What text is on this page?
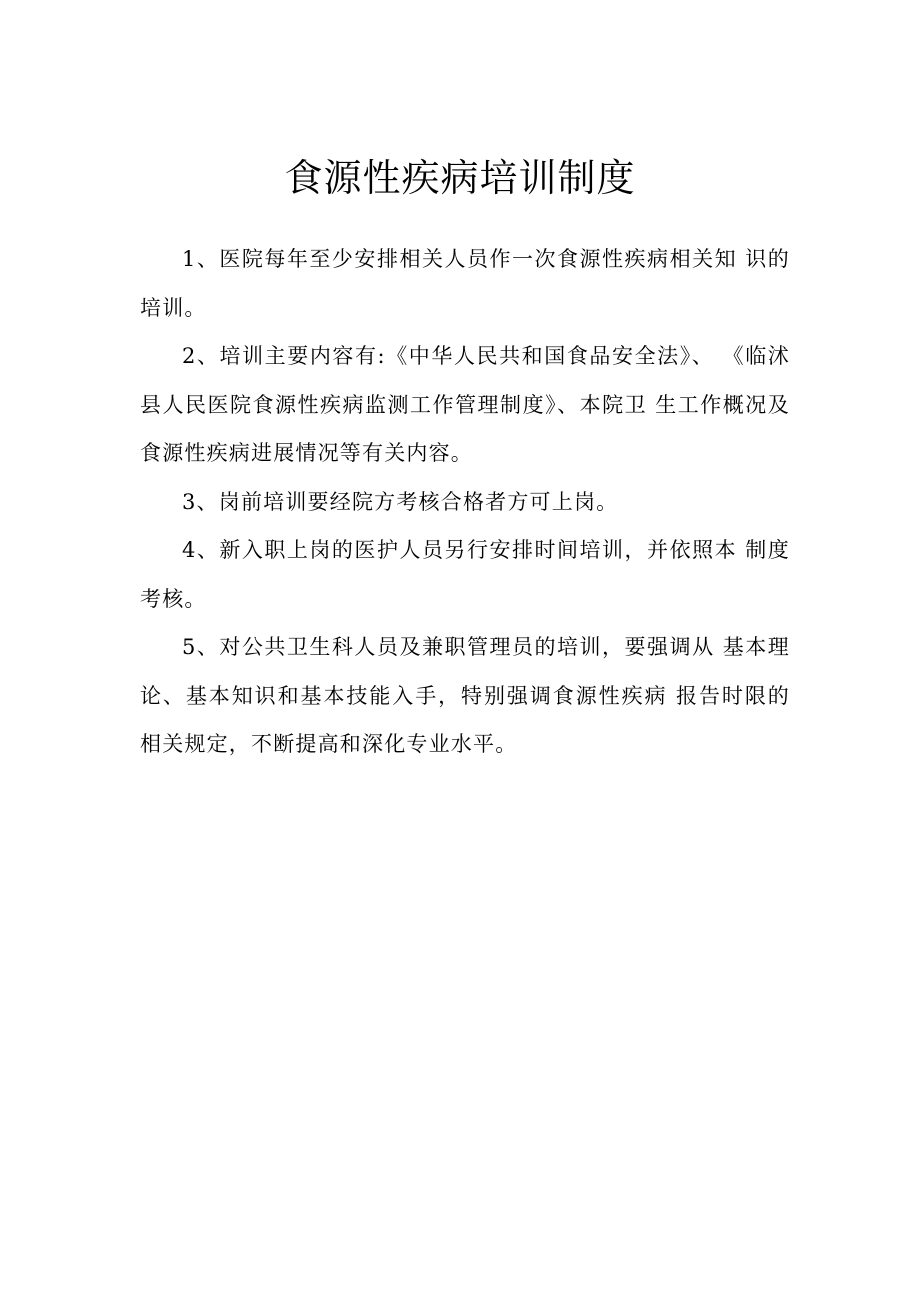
食源性疾病培训制度

1、医院每年至少安排相关人员作一次食源性疾病相关知 识的培训。

2、培训主要内容有:《中华人民共和国食品安全法》、 《临沭县人民医院食源性疾病监测工作管理制度》、本院卫 生工作概况及食源性疾病进展情况等有关内容。

3、岗前培训要经院方考核合格者方可上岗。

4、新入职上岗的医护人员另行安排时间培训，并依照本 制度考核。

5、对公共卫生科人员及兼职管理员的培训，要强调从 基本理论、基本知识和基本技能入手，特别强调食源性疾病 报告时限的相关规定，不断提高和深化专业水平。
